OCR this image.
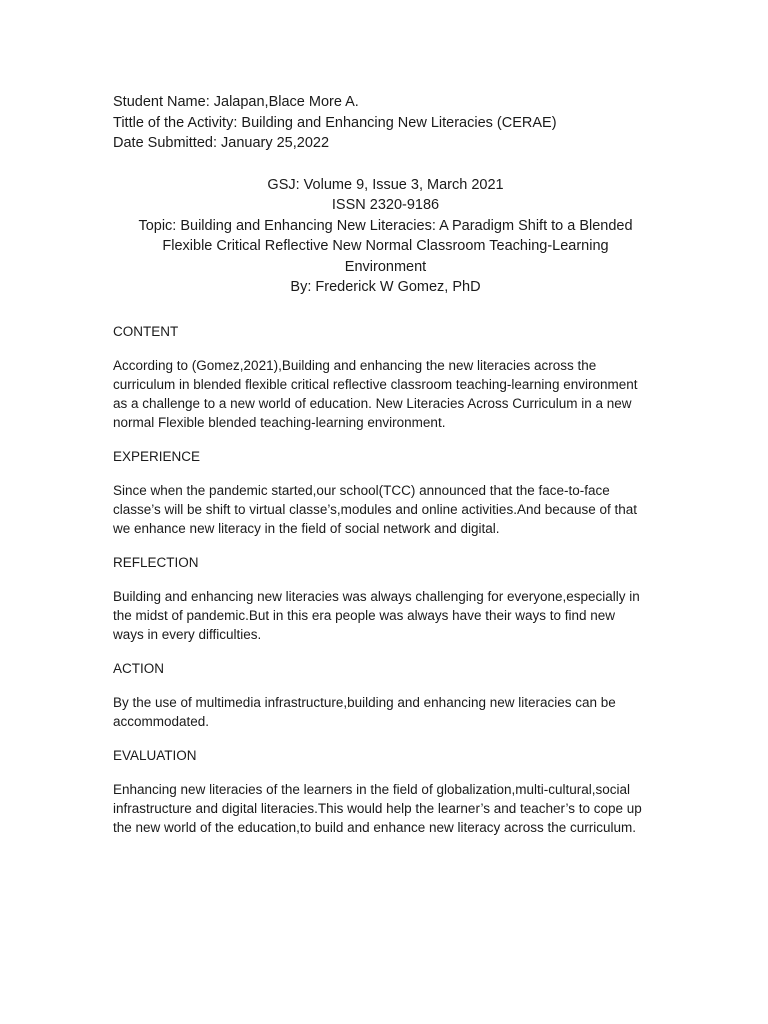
Student Name: Jalapan,Blace More A.

Tittle of the Activity: Building and Enhancing New Literacies (CERAE)

Date Submitted: January 25,2022

GSJ: Volume 9, Issue 3, March 2021
ISSN 2320-9186
Topic: Building and Enhancing New Literacies: A Paradigm Shift to a Blended
Flexible Critical Reflective New Normal Classroom Teaching-Learning
Environment
By: Frederick W Gomez, PhD

CONTENT

According to (Gomez,2021),Building and enhancing the new literacies across the

curriculum in blended flexible critical reflective classroom teaching-learning environment

as a challenge to a new world of education. New Literacies Across Curriculum in a new

normal Flexible blended teaching-learning environment.

EXPERIENCE

Since when the pandemic started,our school(TCC) announced that the face-to-face

classe’s will be shift to virtual classe’s,modules and online activities.And because of that

we enhance new literacy in the field of social network and digital.

REFLECTION

Building and enhancing new literacies was always challenging for everyone,especially in

the midst of pandemic.But in this era people was always have their ways to find new

ways in every difficulties.

ACTION

By the use of multimedia infrastructure,building and enhancing new literacies can be

accommodated.

EVALUATION

Enhancing new literacies of the learners in the field of globalization,multi-cultural,social

infrastructure and digital literacies.This would help the learner’s and teacher’s to cope up

the new world of the education,to build and enhance new literacy across the curriculum.
